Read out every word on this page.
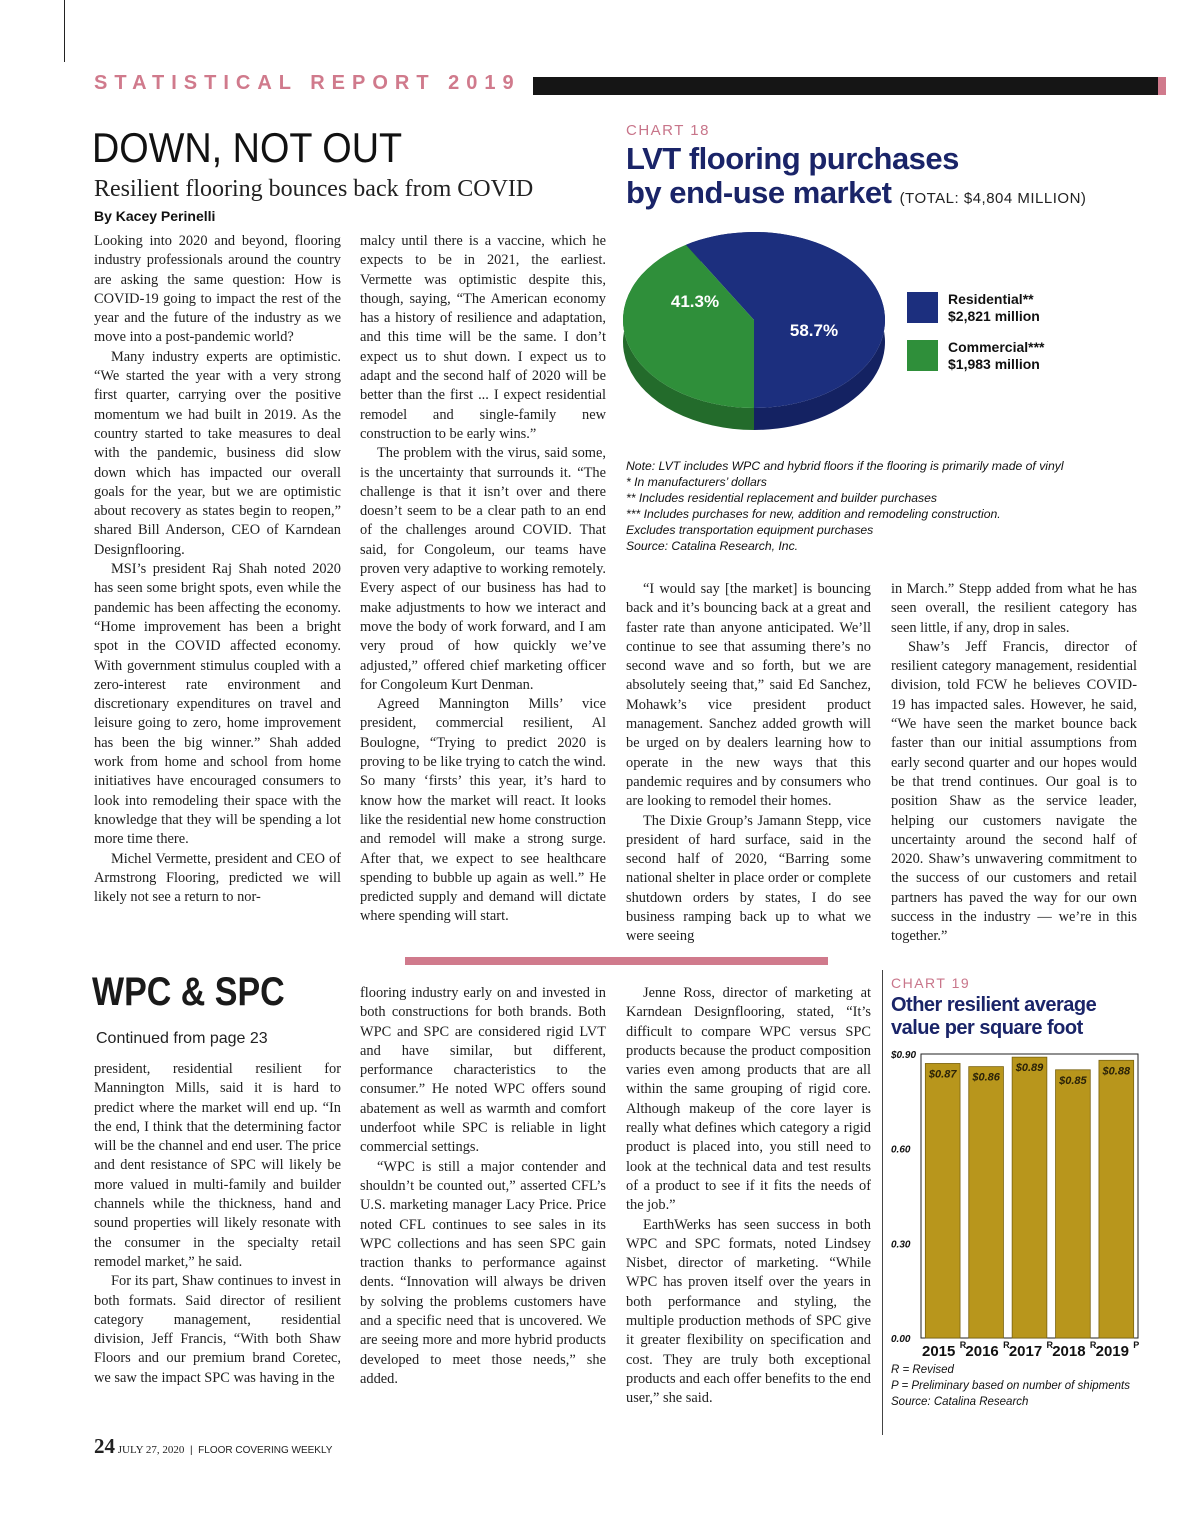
STATISTICAL REPORT 2019
DOWN, NOT OUT
Resilient flooring bounces back from COVID
By Kacey Perinelli

Looking into 2020 and beyond, flooring industry professionals around the country are asking the same question: How is COVID-19 going to impact the rest of the year and the future of the industry as we move into a post-pandemic world?

Many industry experts are optimistic. “We started the year with a very strong first quarter, carrying over the positive momentum we had built in 2019. As the country started to take measures to deal with the pandemic, business did slow down which has impacted our overall goals for the year, but we are optimistic about recovery as states begin to reopen,” shared Bill Anderson, CEO of Karndean Designflooring.

MSI’s president Raj Shah noted 2020 has seen some bright spots, even while the pandemic has been affecting the economy. “Home improvement has been a bright spot in the COVID affected economy. With government stimulus coupled with a zero-interest rate environment and discretionary expenditures on travel and leisure going to zero, home improvement has been the big winner.” Shah added work from home and school from home initiatives have encouraged consumers to look into remodeling their space with the knowledge that they will be spending a lot more time there.

Michel Vermette, president and CEO of Armstrong Flooring, predicted we will likely not see a return to nor-

malcy until there is a vaccine, which he expects to be in 2021, the earliest. Vermette was optimistic despite this, though, saying, “The American economy has a history of resilience and adaptation, and this time will be the same. I don’t expect us to shut down. I expect us to adapt and the second half of 2020 will be better than the first ... I expect residential remodel and single-family new construction to be early wins.”

The problem with the virus, said some, is the uncertainty that surrounds it. “The challenge is that it isn’t over and there doesn’t seem to be a clear path to an end of the challenges around COVID. That said, for Congoleum, our teams have proven very adaptive to working remotely. Every aspect of our business has had to make adjustments to how we interact and move the body of work forward, and I am very proud of how quickly we’ve adjusted,” offered chief marketing officer for Congoleum Kurt Denman.

Agreed Mannington Mills’ vice president, commercial resilient, Al Boulogne, “Trying to predict 2020 is proving to be like trying to catch the wind. So many ‘firsts’ this year, it’s hard to know how the market will react. It looks like the residential new home construction and remodel will make a strong surge. After that, we expect to see healthcare spending to bubble up again as well.” He predicted supply and demand will dictate where spending will start.

“I would say [the market] is bouncing back and it’s bouncing back at a great and faster rate than anyone anticipated. We’ll continue to see that assuming there’s no second wave and so forth, but we are absolutely seeing that,” said Ed Sanchez, Mohawk’s vice president product management. Sanchez added growth will be urged on by dealers learning how to operate in the new ways that this pandemic requires and by consumers who are looking to remodel their homes.

The Dixie Group’s Jamann Stepp, vice president of hard surface, said in the second half of 2020, “Barring some national shelter in place order or complete shutdown orders by states, I do see business ramping back up to what we were seeing

in March.” Stepp added from what he has seen overall, the resilient category has seen little, if any, drop in sales.

Shaw’s Jeff Francis, director of resilient category management, residential division, told FCW he believes COVID-19 has impacted sales. However, he said, “We have seen the market bounce back faster than our initial assumptions from early second quarter and our hopes would be that trend continues. Our goal is to position Shaw as the service leader, helping our customers navigate the uncertainty around the second half of 2020. Shaw’s unwavering commitment to the success of our customers and retail partners has paved the way for our own success in the industry — we’re in this together.”

CHART 18
LVT flooring purchases
by end-use market (TOTAL: $4,804 MILLION)
41.3%
58.7%
Residential**
$2,821 million
Commercial***
$1,983 million
Note: LVT includes WPC and hybrid floors if the flooring is primarily made of vinyl
* In manufacturers’ dollars
** Includes residential replacement and builder purchases
*** Includes purchases for new, addition and remodeling construction.
Excludes transportation equipment purchases
Source: Catalina Research, Inc.
WPC & SPC
Continued from page 23

president, residential resilient for Mannington Mills, said it is hard to predict where the market will end up. “In the end, I think that the determining factor will be the channel and end user. The price and dent resistance of SPC will likely be more valued in multi-family and builder channels while the thickness, hand and sound properties will likely resonate with the consumer in the specialty retail remodel market,” he said.

For its part, Shaw continues to invest in both formats. Said director of resilient category management, residential division, Jeff Francis, “With both Shaw Floors and our premium brand Coretec, we saw the impact SPC was having in the

flooring industry early on and invested in both constructions for both brands. Both WPC and SPC are considered rigid LVT and have similar, but different, performance characteristics to the consumer.” He noted WPC offers sound abatement as well as warmth and comfort underfoot while SPC is reliable in light commercial settings.

“WPC is still a major contender and shouldn’t be counted out,” asserted CFL’s U.S. marketing manager Lacy Price. Price noted CFL continues to see sales in its WPC collections and has seen SPC gain traction thanks to performance against dents. “Innovation will always be driven by solving the problems customers have and a specific need that is uncovered. We are seeing more and more hybrid products developed to meet those needs,” she added.

Jenne Ross, director of marketing at Karndean Designflooring, stated, “It’s difficult to compare WPC versus SPC products because the product composition varies even among products that are all within the same grouping of rigid core. Although makeup of the core layer is really what defines which category a rigid product is placed into, you still need to look at the technical data and test results of a product to see if it fits the needs of the job.”

EarthWerks has seen success in both WPC and SPC formats, noted Lindsey Nisbet, director of marketing. “While WPC has proven itself over the years in both performance and styling, the multiple production methods of SPC give it greater flexibility on specification and cost. They are truly both exceptional products and each offer benefits to the end user,” she said.

CHART 19
Other resilient average
value per square foot
0.00
0.30
0.60
$0.90
$0.87
2015 R
$0.86
2016 R
$0.89
2017 R
$0.85
2018 R
$0.88
2019 P
R = Revised
P = Preliminary based on number of shipments
Source: Catalina Research
24 JULY 27, 2020 | FLOOR COVERING WEEKLY
